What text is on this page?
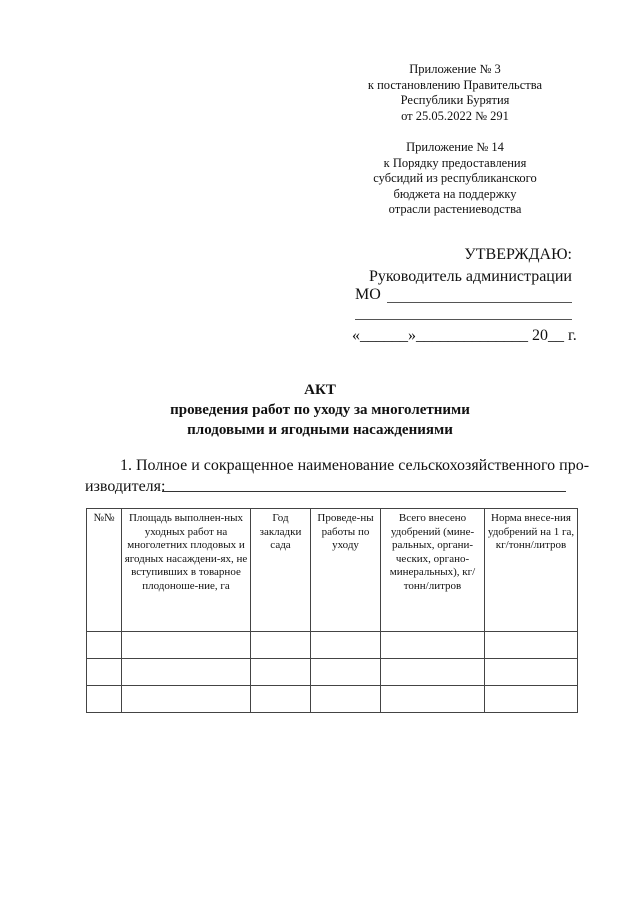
Приложение № 3
к постановлению Правительства
Республики Бурятия
от 25.05.2022 № 291
Приложение № 14
к Порядку предоставления
субсидий из республиканского
бюджета на поддержку
отрасли растениеводства
УТВЕРЖДАЮ:
Руководитель администрации
МО
«______»______________ 20__ г.
АКТ
проведения работ по уходу за многолетними
плодовыми и ягодными насаждениями
1. Полное и сокращенное наименование сельскохозяйственного про-
изводителя:
№№	Площадь выполнен-ных уходных работ на многолетних плодовых и ягодных насаждени-ях, не вступивших в товарное плодоноше-ние, га	Год закладки сада	Проведе-ны работы по уходу	Всего внесено удобрений (мине-ральных, органи-ческих, органо-минеральных), кг/тонн/литров	Норма внесе-ния удобрений на 1 га, кг/тонн/литров
